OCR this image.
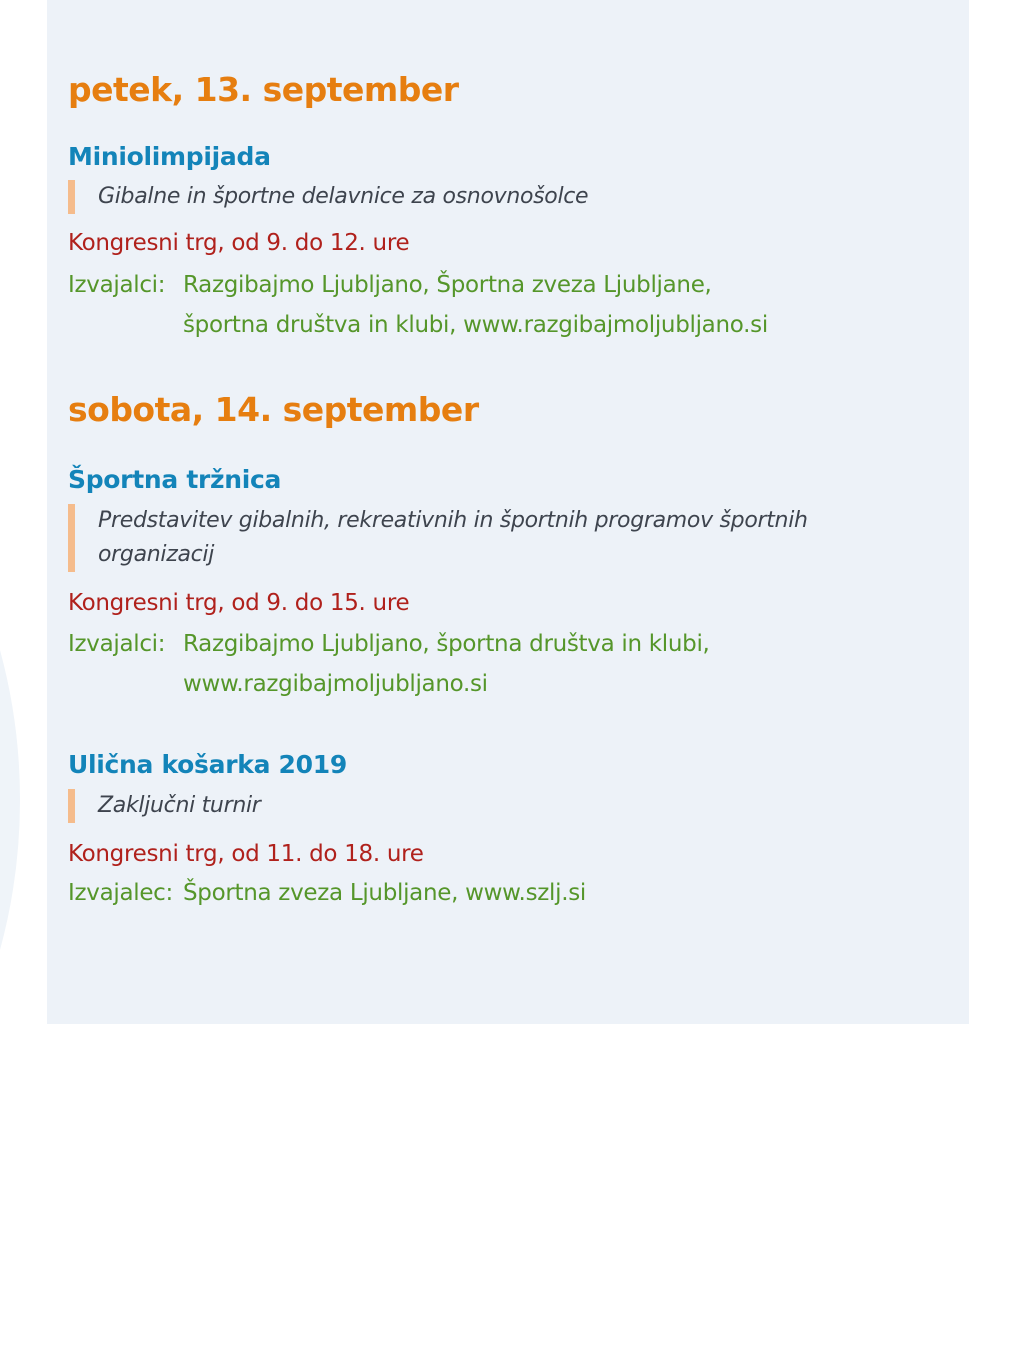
petek, 13. september
Miniolimpijada
Gibalne in športne delavnice za osnovnošolce

Kongresni trg, od 9. do 12. ure

Izvajalci: Razgibajmo Ljubljano, Športna zveza Ljubljane,
športna društva in klubi, www.razgibajmoljubljano.si
sobota, 14. september
Športna tržnica
Predstavitev gibalnih, rekreativnih in športnih programov športnih
organizacij

Kongresni trg, od 9. do 15. ure

Izvajalci: Razgibajmo Ljubljano, športna društva in klubi,
www.razgibajmoljubljano.si
Ulična košarka 2019
Zaključni turnir

Kongresni trg, od 11. do 18. ure

Izvajalec: Športna zveza Ljubljane, www.szlj.si
